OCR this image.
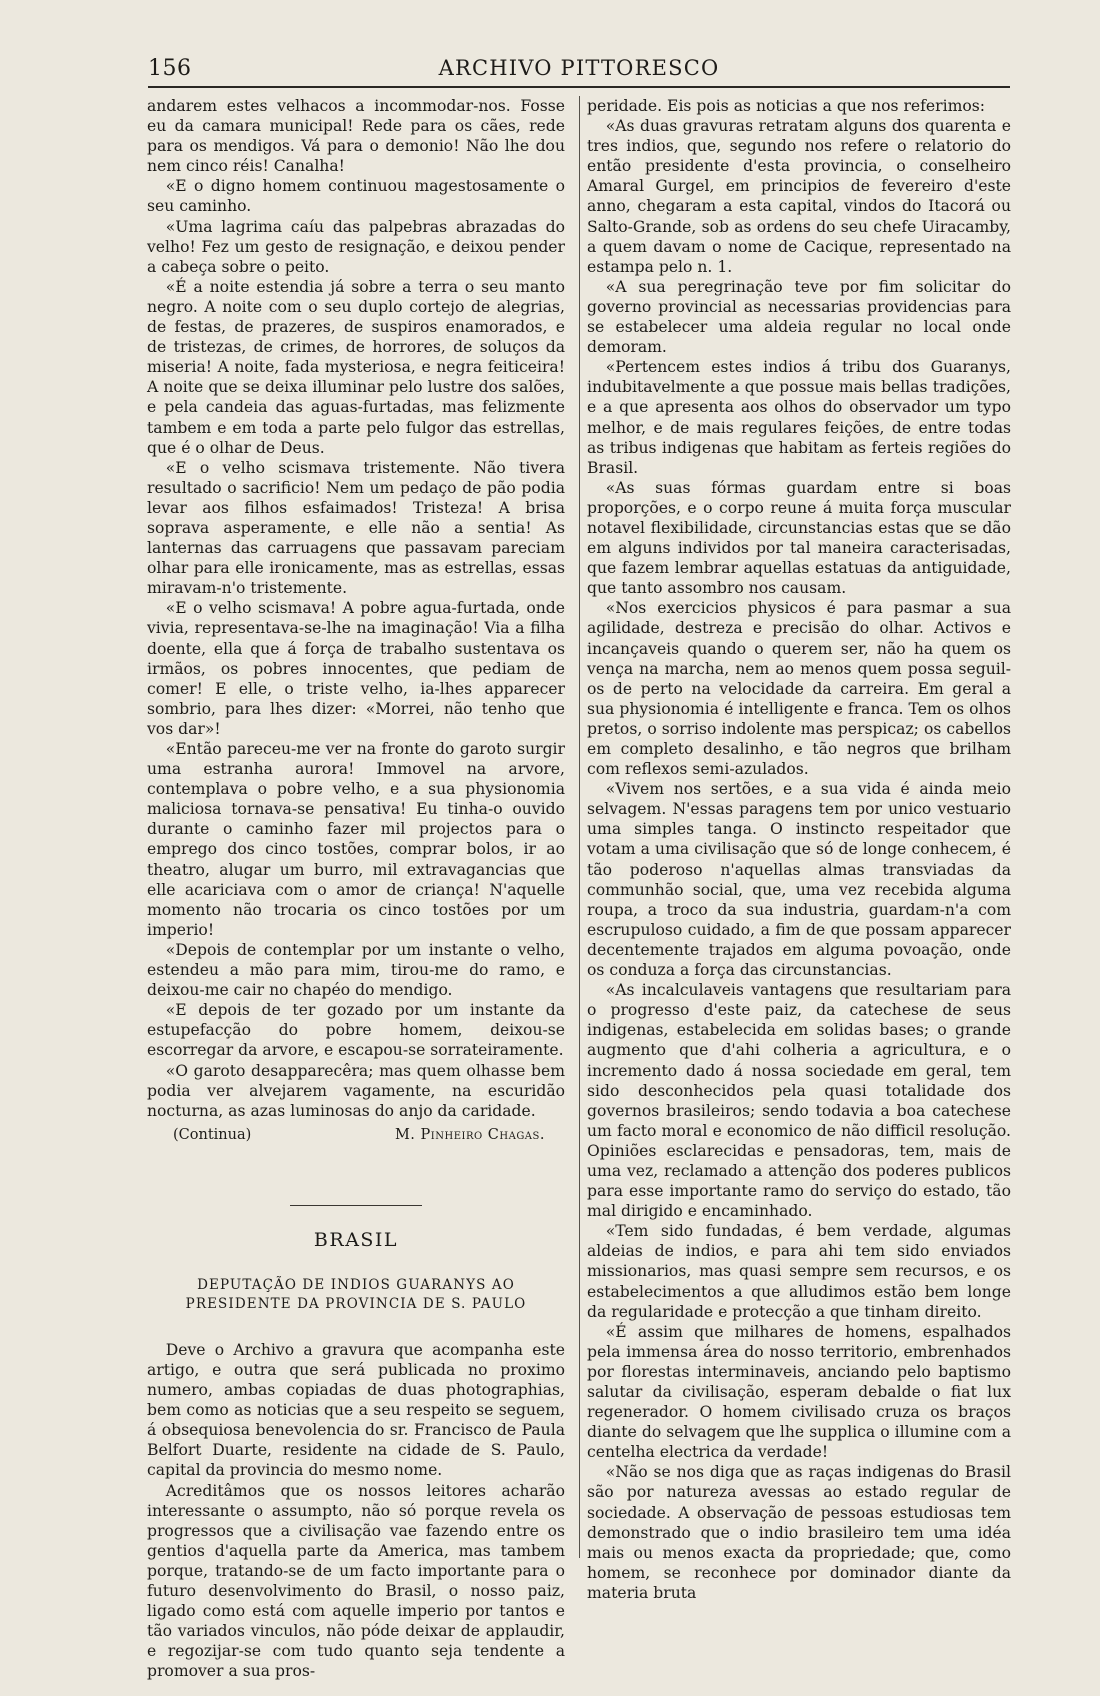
156	ARCHIVO PITTORESCO

andarem estes velhacos a incommodar-nos. Fosse eu da camara municipal! Rede para os cães, rede para os mendigos. Vá para o demonio! Não lhe dou nem cinco réis! Canalha!

«E o digno homem continuou magestosamente o seu caminho.

«Uma lagrima caíu das palpebras abrazadas do velho! Fez um gesto de resignação, e deixou pender a cabeça sobre o peito.

«É a noite estendia já sobre a terra o seu manto negro. A noite com o seu duplo cortejo de alegrias, de festas, de prazeres, de suspiros enamorados, e de tristezas, de crimes, de horrores, de soluços da miseria! A noite, fada mysteriosa, e negra feiticeira! A noite que se deixa illuminar pelo lustre dos salões, e pela candeia das aguas-furtadas, mas felizmente tambem e em toda a parte pelo fulgor das estrellas, que é o olhar de Deus.

«E o velho scismava tristemente. Não tivera resultado o sacrificio! Nem um pedaço de pão podia levar aos filhos esfaimados! Tristeza! A brisa soprava asperamente, e elle não a sentia! As lanternas das carruagens que passavam pareciam olhar para elle ironicamente, mas as estrellas, essas miravam-n'o tristemente.

«E o velho scismava! A pobre agua-furtada, onde vivia, representava-se-lhe na imaginação! Via a filha doente, ella que á força de trabalho sustentava os irmãos, os pobres innocentes, que pediam de comer! E elle, o triste velho, ia-lhes apparecer sombrio, para lhes dizer: «Morrei, não tenho que vos dar»!

«Então pareceu-me ver na fronte do garoto surgir uma estranha aurora! Immovel na arvore, contemplava o pobre velho, e a sua physionomia maliciosa tornava-se pensativa! Eu tinha-o ouvido durante o caminho fazer mil projectos para o emprego dos cinco tostões, comprar bolos, ir ao theatro, alugar um burro, mil extravagancias que elle acariciava com o amor de criança! N'aquelle momento não trocaria os cinco tostões por um imperio!

«Depois de contemplar por um instante o velho, estendeu a mão para mim, tirou-me do ramo, e deixou-me cair no chapéo do mendigo.

«E depois de ter gozado por um instante da estupefacção do pobre homem, deixou-se escorregar da arvore, e escapou-se sorrateiramente.

«O garoto desapparecêra; mas quem olhasse bem podia ver alvejarem vagamente, na escuridão nocturna, as azas luminosas do anjo da caridade.

(Continua)	M. Pinheiro Chagas.
BRASIL
DEPUTAÇÃO DE INDIOS GUARANYS AO PRESIDENTE DA PROVINCIA DE S. PAULO

Deve o Archivo a gravura que acompanha este artigo, e outra que será publicada no proximo numero, ambas copiadas de duas photographias, bem como as noticias que a seu respeito se seguem, á obsequiosa benevolencia do sr. Francisco de Paula Belfort Duarte, residente na cidade de S. Paulo, capital da provincia do mesmo nome.

Acreditâmos que os nossos leitores acharão interessante o assumpto, não só porque revela os progressos que a civilisação vae fazendo entre os gentios d'aquella parte da America, mas tambem porque, tratando-se de um facto importante para o futuro desenvolvimento do Brasil, o nosso paiz, ligado como está com aquelle imperio por tantos e tão variados vinculos, não póde deixar de applaudir, e regozijar-se com tudo quanto seja tendente a promover a sua pros-

peridade. Eis pois as noticias a que nos referimos:

«As duas gravuras retratam alguns dos quarenta e tres indios, que, segundo nos refere o relatorio do então presidente d'esta provincia, o conselheiro Amaral Gurgel, em principios de fevereiro d'este anno, chegaram a esta capital, vindos do Itacorá ou Salto-Grande, sob as ordens do seu chefe Uiracamby, a quem davam o nome de Cacique, representado na estampa pelo n. 1.

«A sua peregrinação teve por fim solicitar do governo provincial as necessarias providencias para se estabelecer uma aldeia regular no local onde demoram.

«Pertencem estes indios á tribu dos Guaranys, indubitavelmente a que possue mais bellas tradições, e a que apresenta aos olhos do observador um typo melhor, e de mais regulares feições, de entre todas as tribus indigenas que habitam as ferteis regiões do Brasil.

«As suas fórmas guardam entre si boas proporções, e o corpo reune á muita força muscular notavel flexibilidade, circunstancias estas que se dão em alguns individos por tal maneira caracterisadas, que fazem lembrar aquellas estatuas da antiguidade, que tanto assombro nos causam.

«Nos exercicios physicos é para pasmar a sua agilidade, destreza e precisão do olhar. Activos e incançaveis quando o querem ser, não ha quem os vença na marcha, nem ao menos quem possa seguil-os de perto na velocidade da carreira. Em geral a sua physionomia é intelligente e franca. Tem os olhos pretos, o sorriso indolente mas perspicaz; os cabellos em completo desalinho, e tão negros que brilham com reflexos semi-azulados.

«Vivem nos sertões, e a sua vida é ainda meio selvagem. N'essas paragens tem por unico vestuario uma simples tanga. O instincto respeitador que votam a uma civilisação que só de longe conhecem, é tão poderoso n'aquellas almas transviadas da communhão social, que, uma vez recebida alguma roupa, a troco da sua industria, guardam-n'a com escrupuloso cuidado, a fim de que possam apparecer decentemente trajados em alguma povoação, onde os conduza a força das circunstancias.

«As incalculaveis vantagens que resultariam para o progresso d'este paiz, da catechese de seus indigenas, estabelecida em solidas bases; o grande augmento que d'ahi colheria a agricultura, e o incremento dado á nossa sociedade em geral, tem sido desconhecidos pela quasi totalidade dos governos brasileiros; sendo todavia a boa catechese um facto moral e economico de não difficil resolução. Opiniões esclarecidas e pensadoras, tem, mais de uma vez, reclamado a attenção dos poderes publicos para esse importante ramo do serviço do estado, tão mal dirigido e encaminhado.

«Tem sido fundadas, é bem verdade, algumas aldeias de indios, e para ahi tem sido enviados missionarios, mas quasi sempre sem recursos, e os estabelecimentos a que alludimos estão bem longe da regularidade e protecção a que tinham direito.

«É assim que milhares de homens, espalhados pela immensa área do nosso territorio, embrenhados por florestas interminaveis, anciando pelo baptismo salutar da civilisação, esperam debalde o fiat lux regenerador. O homem civilisado cruza os braços diante do selvagem que lhe supplica o illumine com a centelha electrica da verdade!

«Não se nos diga que as raças indigenas do Brasil são por natureza avessas ao estado regular de sociedade. A observação de pessoas estudiosas tem demonstrado que o indio brasileiro tem uma idéa mais ou menos exacta da propriedade; que, como homem, se reconhece por dominador diante da materia bruta
